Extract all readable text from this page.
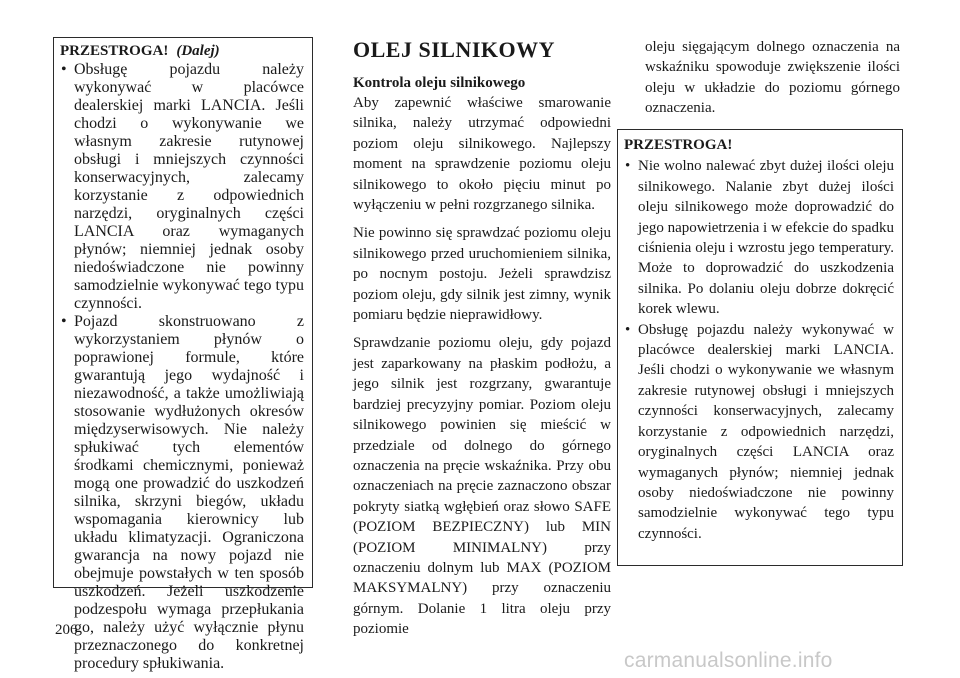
PRZESTROGA! (Dalej)
• Obsługę pojazdu należy wykonywać w placówce dealerskiej marki LANCIA. Jeśli chodzi o wykonywanie we własnym zakresie rutynowej obsługi i mniejszych czynności konserwacyjnych, zalecamy korzystanie z odpowiednich narzędzi, oryginalnych części LANCIA oraz wymaganych płynów; niemniej jednak osoby niedoświadczone nie powinny samodzielnie wykonywać tego typu czynności.
• Pojazd skonstruowano z wykorzystaniem płynów o poprawionej formule, które gwarantują jego wydajność i niezawodność, a także umożliwiają stosowanie wydłużonych okresów międzyserwisowych. Nie należy spłukiwać tych elementów środkami chemicznymi, ponieważ mogą one prowadzić do uszkodzeń silnika, skrzyni biegów, układu wspomagania kierownicy lub układu klimatyzacji. Ograniczona gwarancja na nowy pojazd nie obejmuje powstałych w ten sposób uszkodzeń. Jeżeli uszkodzenie podzespołu wymaga przepłukania go, należy użyć wyłącznie płynu przeznaczonego do konkretnej procedury spłukiwania.
OLEJ SILNIKOWY
Kontrola oleju silnikowego

Aby zapewnić właściwe smarowanie silnika, należy utrzymać odpowiedni poziom oleju silnikowego. Najlepszy moment na sprawdzenie poziomu oleju silnikowego to około pięciu minut po wyłączeniu w pełni rozgrzanego silnika.

Nie powinno się sprawdzać poziomu oleju silnikowego przed uruchomieniem silnika, po nocnym postoju. Jeżeli sprawdzisz poziom oleju, gdy silnik jest zimny, wynik pomiaru będzie nieprawidłowy.

Sprawdzanie poziomu oleju, gdy pojazd jest zaparkowany na płaskim podłożu, a jego silnik jest rozgrzany, gwarantuje bardziej precyzyjny pomiar. Poziom oleju silnikowego powinien się mieścić w przedziale od dolnego do górnego oznaczenia na pręcie wskaźnika. Przy obu oznaczeniach na pręcie zaznaczono obszar pokryty siatką wgłębień oraz słowo SAFE (POZIOM BEZPIECZNY) lub MIN (POZIOM MINIMALNY) przy oznaczeniu dolnym lub MAX (POZIOM MAKSYMALNY) przy oznaczeniu górnym. Dolanie 1 litra oleju przy poziomie

oleju sięgającym dolnego oznaczenia na wskaźniku spowoduje zwiększenie ilości oleju w układzie do poziomu górnego oznaczenia.

PRZESTROGA!
• Nie wolno nalewać zbyt dużej ilości oleju silnikowego. Nalanie zbyt dużej ilości oleju silnikowego może doprowadzić do jego napowietrzenia i w efekcie do spadku ciśnienia oleju i wzrostu jego temperatury. Może to doprowadzić do uszkodzenia silnika. Po dolaniu oleju dobrze dokręcić korek wlewu.
• Obsługę pojazdu należy wykonywać w placówce dealerskiej marki LANCIA. Jeśli chodzi o wykonywanie we własnym zakresie rutynowej obsługi i mniejszych czynności konserwacyjnych, zalecamy korzystanie z odpowiednich narzędzi, oryginalnych części LANCIA oraz wymaganych płynów; niemniej jednak osoby niedoświadczone nie powinny samodzielnie wykonywać tego typu czynności.
206
carmanualsonline.info
